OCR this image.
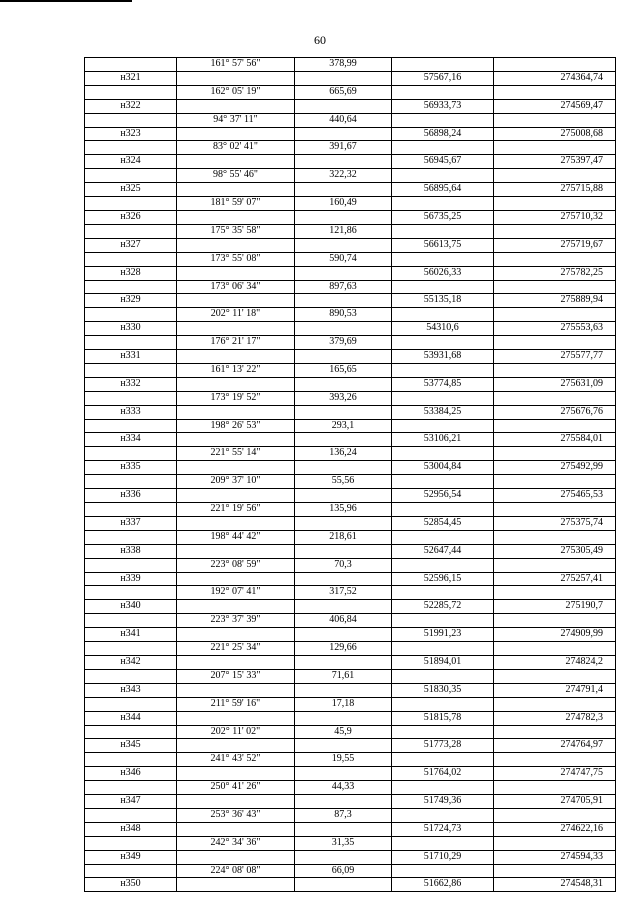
60
	161° 57' 56"	378,99		
н321			57567,16	274364,74
	162° 05' 19"	665,69		
н322			56933,73	274569,47
	94° 37' 11"	440,64		
н323			56898,24	275008,68
	83° 02' 41"	391,67		
н324			56945,67	275397,47
	98° 55' 46"	322,32		
н325			56895,64	275715,88
	181° 59' 07"	160,49		
н326			56735,25	275710,32
	175° 35' 58"	121,86		
н327			56613,75	275719,67
	173° 55' 08"	590,74		
н328			56026,33	275782,25
	173° 06' 34"	897,63		
н329			55135,18	275889,94
	202° 11' 18"	890,53		
н330			54310,6	275553,63
	176° 21' 17"	379,69		
н331			53931,68	275577,77
	161° 13' 22"	165,65		
н332			53774,85	275631,09
	173° 19' 52"	393,26		
н333			53384,25	275676,76
	198° 26' 53"	293,1		
н334			53106,21	275584,01
	221° 55' 14"	136,24		
н335			53004,84	275492,99
	209° 37' 10"	55,56		
н336			52956,54	275465,53
	221° 19' 56"	135,96		
н337			52854,45	275375,74
	198° 44' 42"	218,61		
н338			52647,44	275305,49
	223° 08' 59"	70,3		
н339			52596,15	275257,41
	192° 07' 41"	317,52		
н340			52285,72	275190,7
	223° 37' 39"	406,84		
н341			51991,23	274909,99
	221° 25' 34"	129,66		
н342			51894,01	274824,2
	207° 15' 33"	71,61		
н343			51830,35	274791,4
	211° 59' 16"	17,18		
н344			51815,78	274782,3
	202° 11' 02"	45,9		
н345			51773,28	274764,97
	241° 43' 52"	19,55		
н346			51764,02	274747,75
	250° 41' 26"	44,33		
н347			51749,36	274705,91
	253° 36' 43"	87,3		
н348			51724,73	274622,16
	242° 34' 36"	31,35		
н349			51710,29	274594,33
	224° 08' 08"	66,09		
н350			51662,86	274548,31
